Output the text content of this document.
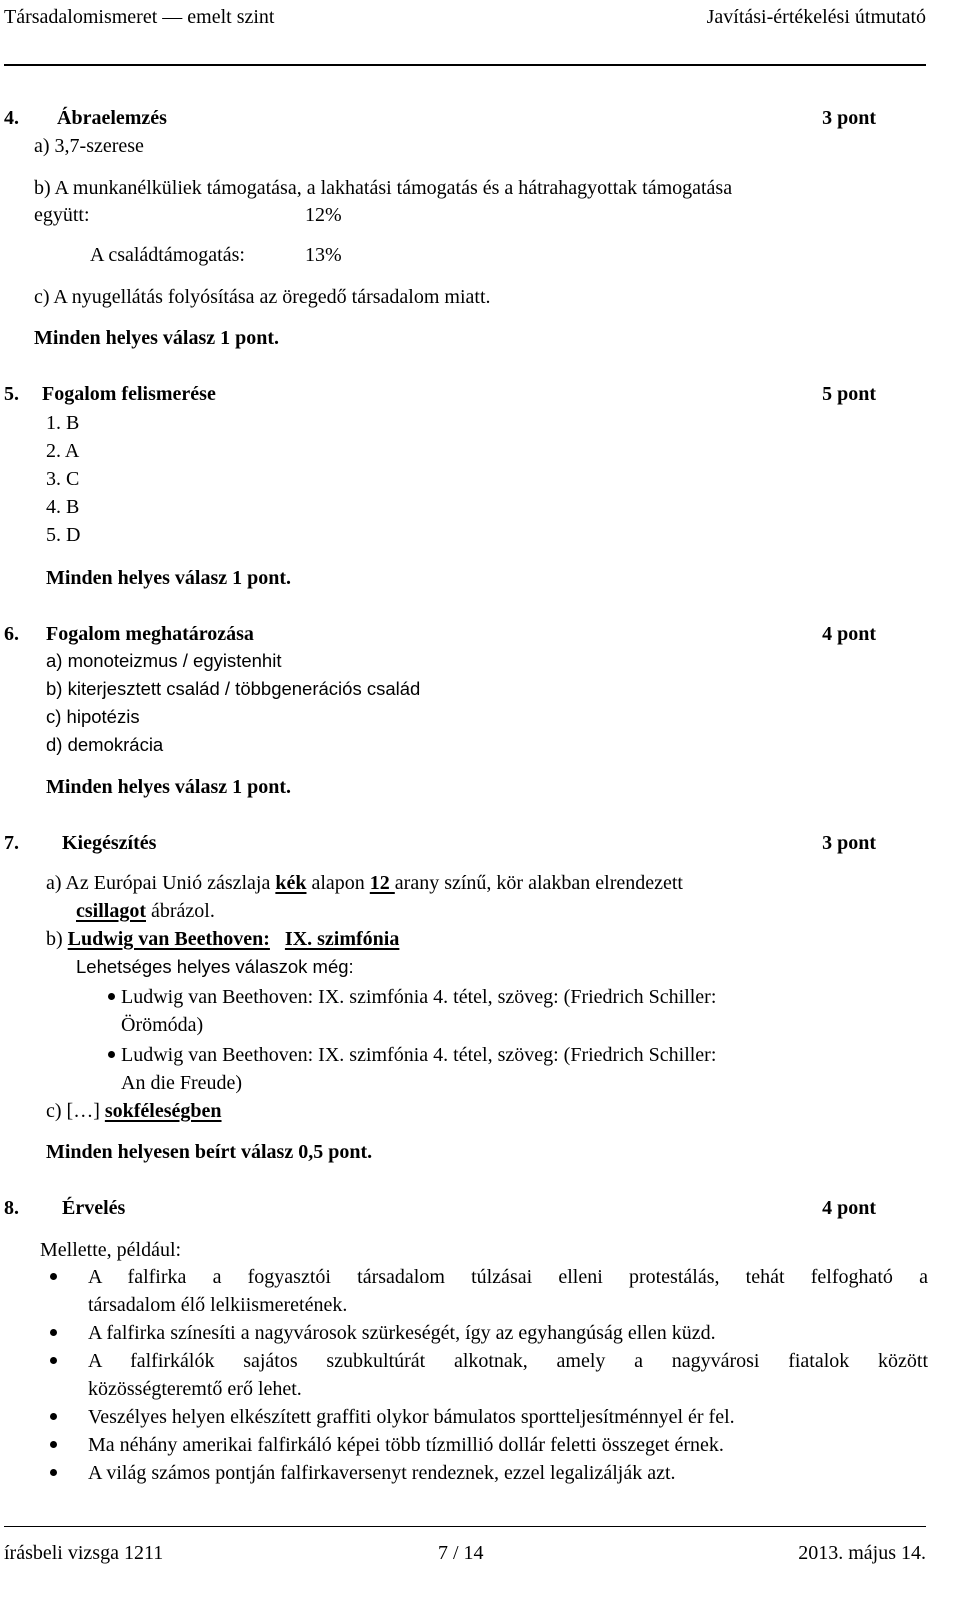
Társadalomismeret — emelt szint	Javítási-értékelési útmutató
4. Ábraelemzés	3 pont
a) 3,7-szerese
b) A munkanélküliek támogatása, a lakhatási támogatás és a hátrahagyottak támogatása
együtt:	12%
A családtámogatás:	13%
c) A nyugellátás folyósítása az öregedő társadalom miatt.
Minden helyes válasz 1 pont.
5. Fogalom felismerése	5 pont
1. B
2. A
3. C
4. B
5. D
Minden helyes válasz 1 pont.
6. Fogalom meghatározása	4 pont
a) monoteizmus / egyistenhit
b) kiterjesztett család / többgenerációs család
c) hipotézis
d) demokrácia
Minden helyes válasz 1 pont.
7. Kiegészítés	3 pont
a) Az Európai Unió zászlaja kék alapon 12 arany színű, kör alakban elrendezett
csillagot ábrázol.
b) Ludwig van Beethoven: IX. szimfónia
Lehetséges helyes válaszok még:
Ludwig van Beethoven: IX. szimfónia 4. tétel, szöveg: (Friedrich Schiller:
Örömóda)
Ludwig van Beethoven: IX. szimfónia 4. tétel, szöveg: (Friedrich Schiller:
An die Freude)
c) […] sokféleségben
Minden helyesen beírt válasz 0,5 pont.
8. Érvelés	4 pont
Mellette, például:
A falfirka a fogyasztói társadalom túlzásai elleni protestálás, tehát felfogható a
társadalom élő lelkiismeretének.
A falfirka színesíti a nagyvárosok szürkeségét, így az egyhangúság ellen küzd.
A falfirkálók sajátos szubkultúrát alkotnak, amely a nagyvárosi fiatalok között
közösségteremtő erő lehet.
Veszélyes helyen elkészített graffiti olykor bámulatos sportteljesítménnyel ér fel.
Ma néhány amerikai falfirkáló képei több tízmillió dollár feletti összeget érnek.
A világ számos pontján falfirkaversenyt rendeznek, ezzel legalizálják azt.
írásbeli vizsga 1211	7 / 14	2013. május 14.
